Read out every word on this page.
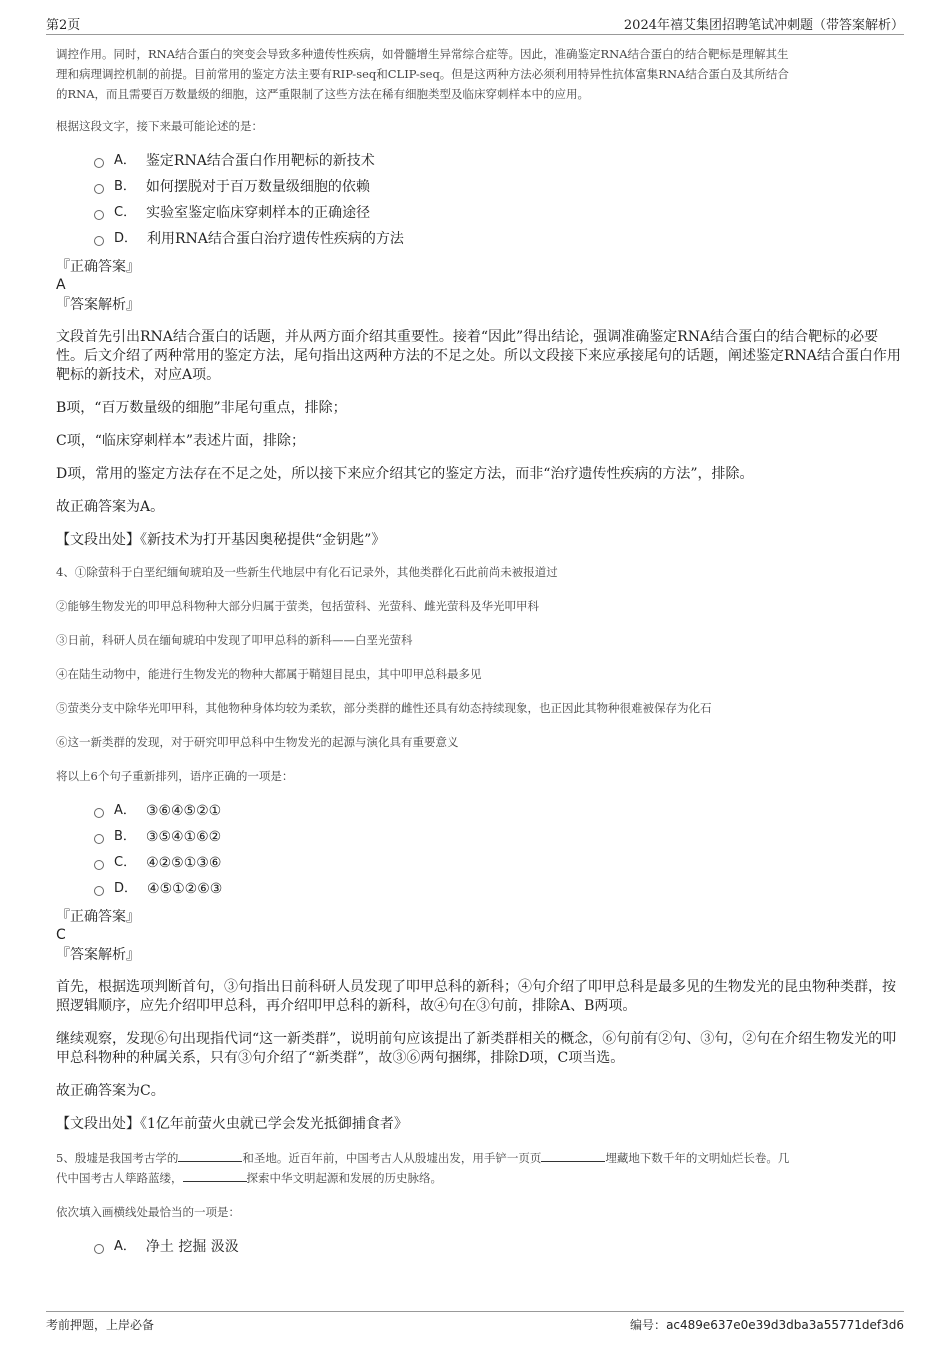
第2页	2024年禧艾集团招聘笔试冲刺题（带答案解析）

调控作用。同时，RNA结合蛋白的突变会导致多种遗传性疾病，如骨髓增生异常综合症等。因此，准确鉴定RNA结合蛋白的结合靶标是理解其生

理和病理调控机制的前提。目前常用的鉴定方法主要有RIP-seq和CLIP-seq。但是这两种方法必须利用特异性抗体富集RNA结合蛋白及其所结合

的RNA，而且需要百万数量级的细胞，这严重限制了这些方法在稀有细胞类型及临床穿刺样本中的应用。

根据这段文字，接下来最可能论述的是：

A． 鉴定RNA结合蛋白作用靶标的新技术
B． 如何摆脱对于百万数量级细胞的依赖
C． 实验室鉴定临床穿刺样本的正确途径
D． 利用RNA结合蛋白治疗遗传性疾病的方法

『正确答案』

A

『答案解析』

文段首先引出RNA结合蛋白的话题，并从两方面介绍其重要性。接着“因此”得出结论，强调准确鉴定RNA结合蛋白的结合靶标的必要性。后文介绍了两种常用的鉴定方法，尾句指出这两种方法的不足之处。所以文段接下来应承接尾句的话题，阐述鉴定RNA结合蛋白作用靶标的新技术，对应A项。

B项，“百万数量级的细胞”非尾句重点，排除；

C项，“临床穿刺样本”表述片面，排除；

D项，常用的鉴定方法存在不足之处，所以接下来应介绍其它的鉴定方法，而非“治疗遗传性疾病的方法”，排除。

故正确答案为A。

【文段出处】《新技术为打开基因奥秘提供“金钥匙”》

4、①除萤科于白垩纪缅甸琥珀及一些新生代地层中有化石记录外，其他类群化石此前尚未被报道过

②能够生物发光的叩甲总科物种大部分归属于萤类，包括萤科、光萤科、雌光萤科及华光叩甲科

③日前，科研人员在缅甸琥珀中发现了叩甲总科的新科——白垩光萤科

④在陆生动物中，能进行生物发光的物种大都属于鞘翅目昆虫，其中叩甲总科最多见

⑤萤类分支中除华光叩甲科，其他物种身体均较为柔软，部分类群的雌性还具有幼态持续现象，也正因此其物种很难被保存为化石

⑥这一新类群的发现，对于研究叩甲总科中生物发光的起源与演化具有重要意义

将以上6个句子重新排列，语序正确的一项是：

A． ③⑥④⑤②①
B． ③⑤④①⑥②
C． ④②⑤①③⑥
D． ④⑤①②⑥③

『正确答案』

C

『答案解析』

首先，根据选项判断首句，③句指出日前科研人员发现了叩甲总科的新科；④句介绍了叩甲总科是最多见的生物发光的昆虫物种类群，按照逻辑顺序，应先介绍叩甲总科，再介绍叩甲总科的新科，故④句在③句前，排除A、B两项。

继续观察，发现⑥句出现指代词“这一新类群”，说明前句应该提出了新类群相关的概念，⑥句前有②句、③句，②句在介绍生物发光的叩甲总科物种的种属关系，只有③句介绍了“新类群”，故③⑥两句捆绑，排除D项，C项当选。

故正确答案为C。

【文段出处】《1亿年前萤火虫就已学会发光抵御捕食者》

5、殷墟是我国考古学的	和圣地。近百年前，中国考古人从殷墟出发，用手铲一页页	埋藏地下数千年的文明灿烂长卷。几

代中国考古人筚路蓝缕，	探索中华文明起源和发展的历史脉络。

依次填入画横线处最恰当的一项是：

A． 净土 挖掘 汲汲
考前押题，上岸必备	编号：ac489e637e0e39d3dba3a55771def3d6
